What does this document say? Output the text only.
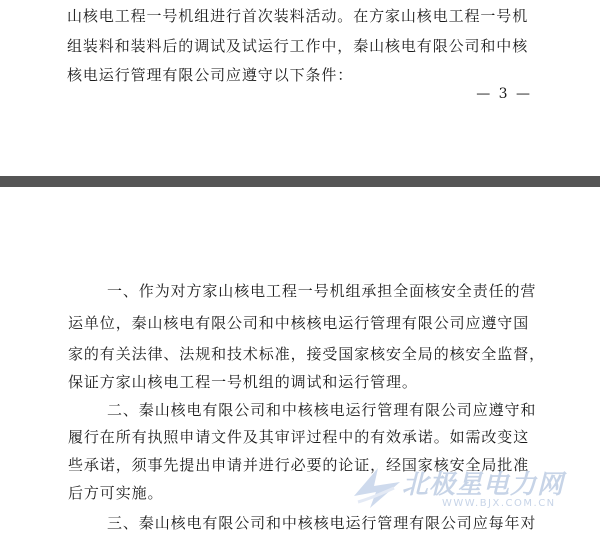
山核电工程一号机组进行首次装料活动。在方家山核电工程一号机
组装料和装料后的调试及试运行工作中，秦山核电有限公司和中核
核电运行管理有限公司应遵守以下条件：
— 3 —
一、作为对方家山核电工程一号机组承担全面核安全责任的营
运单位，秦山核电有限公司和中核核电运行管理有限公司应遵守国
家的有关法律、法规和技术标准，接受国家核安全局的核安全监督，
保证方家山核电工程一号机组的调试和运行管理。
二、秦山核电有限公司和中核核电运行管理有限公司应遵守和
履行在所有执照申请文件及其审评过程中的有效承诺。如需改变这
些承诺，须事先提出申请并进行必要的论证，经国家核安全局批准
后方可实施。
三、秦山核电有限公司和中核核电运行管理有限公司应每年对
北极星电力网
WWW.BJX.COM.CN
